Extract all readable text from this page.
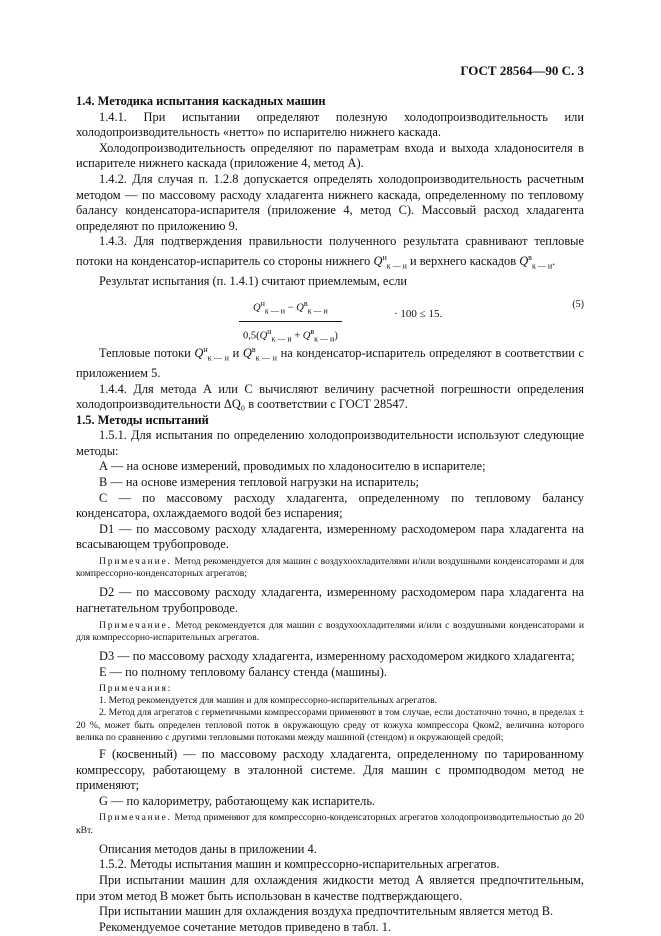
ГОСТ 28564—90 С. 3

1.4. Методика испытания каскадных машин

1.4.1. При испытании определяют полезную холодопроизводительность или холодопроизводительность «нетто» по испарителю нижнего каскада.

Холодопроизводительность определяют по параметрам входа и выхода хладоносителя в испарителе нижнего каскада (приложение 4, метод А).

1.4.2. Для случая п. 1.2.8 допускается определять холодопроизводительность расчетным методом — по массовому расходу хладагента нижнего каскада, определенному по тепловому балансу конденсатора-испарителя (приложение 4, метод С). Массовый расход хладагента определяют по приложению 9.

1.4.3. Для подтверждения правильности полученного результата сравнивают тепловые потоки на конденсатор-испаритель со стороны нижнего $Q^н_{к — и}$ и верхнего каскадов $Q^в_{к — и}$.

Результат испытания (п. 1.4.1) считают приемлемым, если

$Q^н_{к — и} - Q^в_{к — и}$
$0,5(Q^н_{к — и} + Q^в_{к — и})$
· 100 ≤ 15.
(5)

Тепловые потоки $Q^н_{к — и}$ и $Q^в_{к — и}$ на конденсатор-испаритель определяют в соответствии с приложением 5.

1.4.4. Для метода А или С вычисляют величину расчетной погрешности определения холодопроизводительности ΔQ₀ в соответствии с ГОСТ 28547.

1.5. Методы испытаний

1.5.1. Для испытания по определению холодопроизводительности используют следующие методы:

А — на основе измерений, проводимых по хладоносителю в испарителе;

В — на основе измерения тепловой нагрузки на испаритель;

С — по массовому расходу хладагента, определенному по тепловому балансу конденсатора, охлаждаемого водой без испарения;

D1 — по массовому расходу хладагента, измеренному расходомером пара хладагента на всасывающем трубопроводе.

Примечание. Метод рекомендуется для машин с воздухоохладителями и/или воздушными конденсаторами и для компрессорно-конденсаторных агрегатов;

D2 — по массовому расходу хладагента, измеренному расходомером пара хладагента на нагнетательном трубопроводе.

Примечание. Метод рекомендуется для машин с воздухоохладителями и/или с воздушными конденсаторами и для компрессорно-испарительных агрегатов.

D3 — по массовому расходу хладагента, измеренному расходомером жидкого хладагента;

Е — по полному тепловому балансу стенда (машины).

Примечания:

1. Метод рекомендуется для машин и для компрессорно-испарительных агрегатов.

2. Метод для агрегатов с герметичными компрессорами применяют в том случае, если достаточно точно, в пределах ± 20 %, может быть определен тепловой поток в окружающую среду от кожуха компрессора Qком2, величина которого велика по сравнению с другими тепловыми потоками между машиной (стендом) и окружающей средой;

F (косвенный) — по массовому расходу хладагента, определенному по тарированному компрессору, работающему в эталонной системе. Для машин с промподводом метод не применяют;

G — по калориметру, работающему как испаритель.

Примечание. Метод применяют для компрессорно-конденсаторных агрегатов холодопроизводительностью до 20 кВт.

Описания методов даны в приложении 4.

1.5.2. Методы испытания машин и компрессорно-испарительных агрегатов.

При испытании машин для охлаждения жидкости метод А является предпочтительным, при этом метод В может быть использован в качестве подтверждающего.

При испытании машин для охлаждения воздуха предпочтительным является метод В.

Рекомендуемое сочетание методов приведено в табл. 1.
